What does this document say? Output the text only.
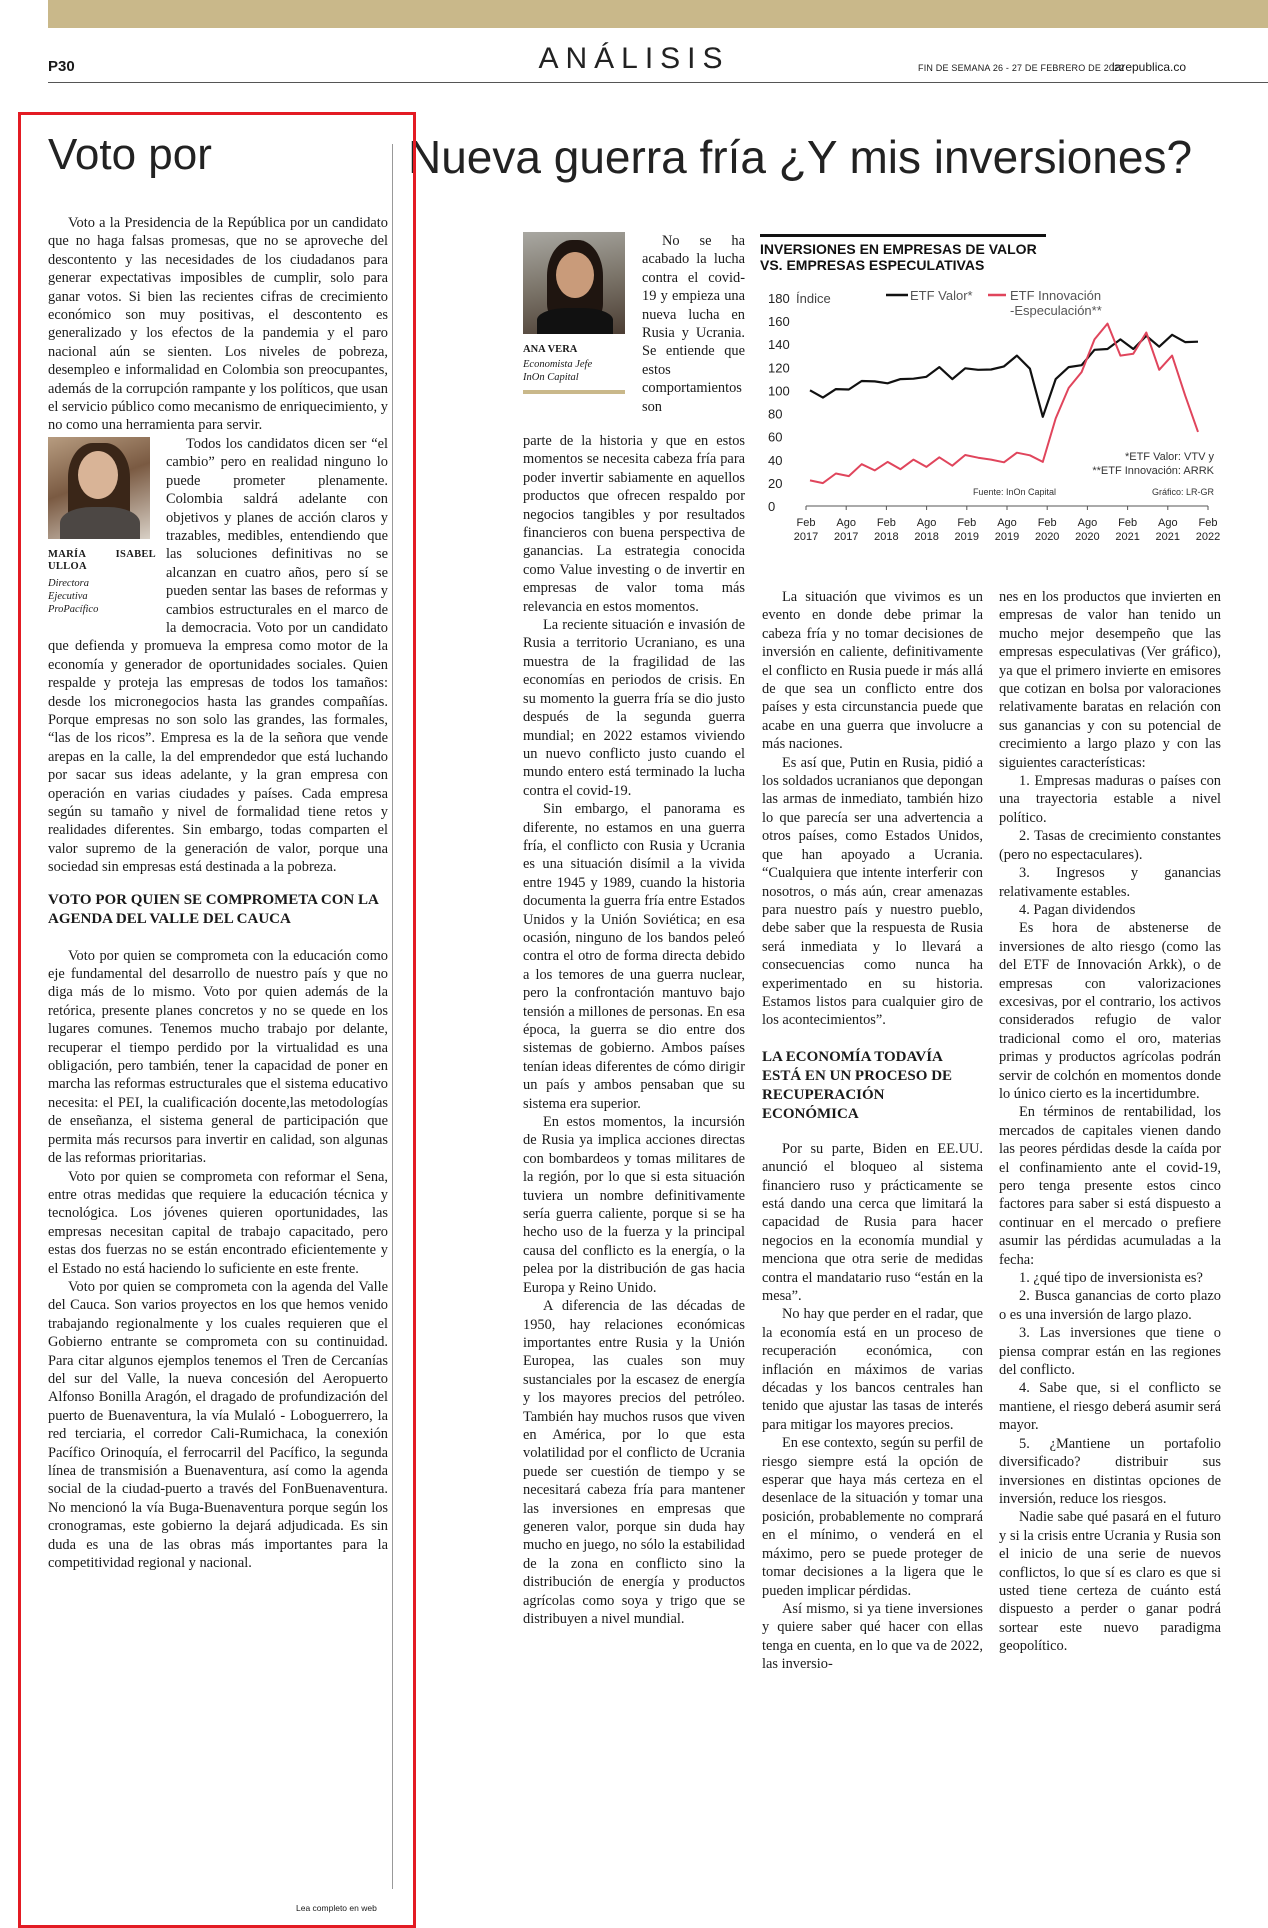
P30	ANÁLISIS	FIN DE SEMANA 26 - 27 DE FEBRERO DE 2022
larepublica.co
Voto por	Nueva guerra fría ¿Y mis inversiones?

Voto a la Presidencia de la República por un candidato que no haga falsas promesas, que no se aproveche del descontento y las necesidades de los ciudadanos para generar expectativas imposibles de cumplir, solo para ganar votos. Si bien las recientes cifras de crecimiento económico son muy positivas, el descontento es generalizado y los efectos de la pandemia y el paro nacional aún se sienten. Los niveles de pobreza, desempleo e informalidad en Colombia son preocupantes, además de la corrupción rampante y los políticos, que usan el servicio público como mecanismo de enriquecimiento, y no como una herramienta para servir.

MARÍA ISABEL ULLOA
Directora
Ejecutiva
ProPacífico

Todos los candidatos dicen ser “el cambio” pero en realidad ninguno lo puede prometer plenamente. Colombia saldrá adelante con objetivos y planes de acción claros y trazables, medibles, entendiendo que las soluciones definitivas no se alcanzan en cuatro años, pero sí se pueden sentar las bases de reformas y cambios estructurales en el marco de la democracia. Voto por un candidato que defienda y promueva la empresa como motor de la economía y generador de oportunidades sociales. Quien respalde y proteja las empresas de todos los tamaños: desde los micronegocios hasta las grandes compañías. Porque empresas no son solo las grandes, las formales, “las de los ricos”. Empresa es la de la señora que vende arepas en la calle, la del emprendedor que está luchando por sacar sus ideas adelante, y la gran empresa con operación en varias ciudades y países. Cada empresa según su tamaño y nivel de formalidad tiene retos y realidades diferentes. Sin embargo, todas comparten el valor supremo de la generación de valor, porque una sociedad sin empresas está destinada a la pobreza.

VOTO POR QUIEN SE COMPROMETA CON LA AGENDA DEL VALLE DEL CAUCA

Voto por quien se comprometa con la educación como eje fundamental del desarrollo de nuestro país y que no diga más de lo mismo. Voto por quien además de la retórica, presente planes concretos y no se quede en los lugares comunes. Tenemos mucho trabajo por delante, recuperar el tiempo perdido por la virtualidad es una obligación, pero también, tener la capacidad de poner en marcha las reformas estructurales que el sistema educativo necesita: el PEI, la cualificación docente,las metodologías de enseñanza, el sistema general de participación que permita más recursos para invertir en calidad, son algunas de las reformas prioritarias.

Voto por quien se comprometa con reformar el Sena, entre otras medidas que requiere la educación técnica y tecnológica. Los jóvenes quieren oportunidades, las empresas necesitan capital de trabajo capacitado, pero estas dos fuerzas no se están encontrado eficientemente y el Estado no está haciendo lo suficiente en este frente.

Voto por quien se comprometa con la agenda del Valle del Cauca. Son varios proyectos en los que hemos venido trabajando regionalmente y los cuales requieren que el Gobierno entrante se comprometa con su continuidad. Para citar algunos ejemplos tenemos el Tren de Cercanías del sur del Valle, la nueva concesión del Aeropuerto Alfonso Bonilla Aragón, el dragado de profundización del puerto de Buenaventura, la vía Mulaló - Loboguerrero, la red terciaria, el corredor Cali-Rumichaca, la conexión Pacífico Orinoquía, el ferrocarril del Pacífico, la segunda línea de transmisión a Buenaventura, así como la agenda social de la ciudad-puerto a través del FonBuenaventura. No mencionó la vía Buga-Buenaventura porque según los cronogramas, este gobierno la dejará adjudicada. Es sin duda es una de las obras más importantes para la competitividad regional y nacional.

Lea completo en web
ANA VERA
Economista Jefe
InOn Capital

No se ha acabado la lucha contra el covid-19 y empieza una nueva lucha en Rusia y Ucrania. Se entiende que estos comportamientos son

parte de la historia y que en estos momentos se necesita cabeza fría para poder invertir sabiamente en aquellos productos que ofrecen respaldo por negocios tangibles y por resultados financieros con buena perspectiva de ganancias. La estrategia conocida como Value investing o de invertir en empresas de valor toma más relevancia en estos momentos.

La reciente situación e invasión de Rusia a territorio Ucraniano, es una muestra de la fragilidad de las economías en periodos de crisis. En su momento la guerra fría se dio justo después de la segunda guerra mundial; en 2022 estamos viviendo un nuevo conflicto justo cuando el mundo entero está terminado la lucha contra el covid-19.

Sin embargo, el panorama es diferente, no estamos en una guerra fría, el conflicto con Rusia y Ucrania es una situación disímil a la vivida entre 1945 y 1989, cuando la historia documenta la guerra fría entre Estados Unidos y la Unión Soviética; en esa ocasión, ninguno de los bandos peleó contra el otro de forma directa debido a los temores de una guerra nuclear, pero la confrontación mantuvo bajo tensión a millones de personas. En esa época, la guerra se dio entre dos sistemas de gobierno. Ambos países tenían ideas diferentes de cómo dirigir un país y ambos pensaban que su sistema era superior.

En estos momentos, la incursión de Rusia ya implica acciones directas con bombardeos y tomas militares de la región, por lo que si esta situación tuviera un nombre definitivamente sería guerra caliente, porque si se ha hecho uso de la fuerza y la principal causa del conflicto es la energía, o la pelea por la distribución de gas hacia Europa y Reino Unido.

A diferencia de las décadas de 1950, hay relaciones económicas importantes entre Rusia y la Unión Europea, las cuales son muy sustanciales por la escasez de energía y los mayores precios del petróleo. También hay muchos rusos que viven en América, por lo que esta volatilidad por el conflicto de Ucrania puede ser cuestión de tiempo y se necesitará cabeza fría para mantener las inversiones en empresas que generen valor, porque sin duda hay mucho en juego, no sólo la estabilidad de la zona en conflicto sino la distribución de energía y productos agrícolas como soya y trigo que se distribuyen a nivel mundial.

INVERSIONES EN EMPRESAS DE VALOR VS. EMPRESAS ESPECULATIVAS
0
20
40
60
80
100
120
140
160
180 Índice
Feb
2017
Ago
2017
Feb
2018
Ago
2018
Feb
2019
Ago
2019
Feb
2020
Ago
2020
Feb
2021
Ago
2021
Feb
2022
ETF Valor*	ETF Innovación
-Especulación**
*ETF Valor: VTV y
**ETF Innovación: ARRK
Fuente: InOn Capital	Gráfico: LR-GR

La situación que vivimos es un evento en donde debe primar la cabeza fría y no tomar decisiones de inversión en caliente, definitivamente el conflicto en Rusia puede ir más allá de que sea un conflicto entre dos países y esta circunstancia puede que acabe en una guerra que involucre a más naciones.

Es así que, Putin en Rusia, pidió a los soldados ucranianos que depongan las armas de inmediato, también hizo lo que parecía ser una advertencia a otros países, como Estados Unidos, que han apoyado a Ucrania. “Cualquiera que intente interferir con nosotros, o más aún, crear amenazas para nuestro país y nuestro pueblo, debe saber que la respuesta de Rusia será inmediata y lo llevará a consecuencias como nunca ha experimentado en su historia. Estamos listos para cualquier giro de los acontecimientos”.

LA ECONOMÍA TODAVÍA ESTÁ EN UN PROCESO DE RECUPERACIÓN ECONÓMICA

Por su parte, Biden en EE.UU. anunció el bloqueo al sistema financiero ruso y prácticamente se está dando una cerca que limitará la capacidad de Rusia para hacer negocios en la economía mundial y menciona que otra serie de medidas contra el mandatario ruso “están en la mesa”.

No hay que perder en el radar, que la economía está en un proceso de recuperación económica, con inflación en máximos de varias décadas y los bancos centrales han tenido que ajustar las tasas de interés para mitigar los mayores precios.

En ese contexto, según su perfil de riesgo siempre está la opción de esperar que haya más certeza en el desenlace de la situación y tomar una posición, probablemente no comprará en el mínimo, o venderá en el máximo, pero se puede proteger de tomar decisiones a la ligera que le pueden implicar pérdidas.

Así mismo, si ya tiene inversiones y quiere saber qué hacer con ellas tenga en cuenta, en lo que va de 2022, las inversio-

nes en los productos que invierten en empresas de valor han tenido un mucho mejor desempeño que las empresas especulativas (Ver gráfico), ya que el primero invierte en emisores que cotizan en bolsa por valoraciones relativamente baratas en relación con sus ganancias y con su potencial de crecimiento a largo plazo y con las siguientes características:

1. Empresas maduras o países con una trayectoria estable a nivel político.

2. Tasas de crecimiento constantes (pero no espectaculares).

3. Ingresos y ganancias relativamente estables.

4. Pagan dividendos

Es hora de abstenerse de inversiones de alto riesgo (como las del ETF de Innovación Arkk), o de empresas con valorizaciones excesivas, por el contrario, los activos considerados refugio de valor tradicional como el oro, materias primas y productos agrícolas podrán servir de colchón en momentos donde lo único cierto es la incertidumbre.

En términos de rentabilidad, los mercados de capitales vienen dando las peores pérdidas desde la caída por el confinamiento ante el covid-19, pero tenga presente estos cinco factores para saber si está dispuesto a continuar en el mercado o prefiere asumir las pérdidas acumuladas a la fecha:

1. ¿qué tipo de inversionista es?

2. Busca ganancias de corto plazo o es una inversión de largo plazo.

3. Las inversiones que tiene o piensa comprar están en las regiones del conflicto.

4. Sabe que, si el conflicto se mantiene, el riesgo deberá asumir será mayor.

5. ¿Mantiene un portafolio diversificado? distribuir sus inversiones en distintas opciones de inversión, reduce los riesgos.

Nadie sabe qué pasará en el futuro y si la crisis entre Ucrania y Rusia son el inicio de una serie de nuevos conflictos, lo que sí es claro es que si usted tiene certeza de cuánto está dispuesto a perder o ganar podrá sortear este nuevo paradigma geopolítico.
